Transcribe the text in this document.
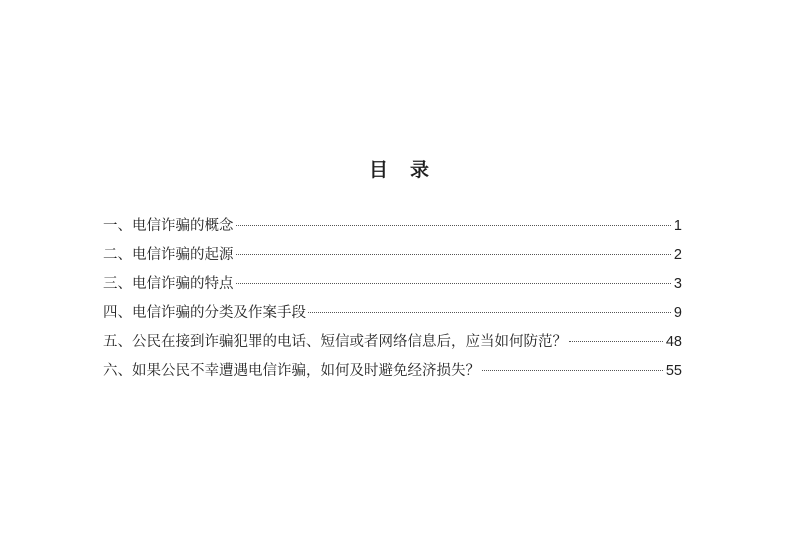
目 录
一、电信诈骗的概念	1
二、电信诈骗的起源	2
三、电信诈骗的特点	3
四、电信诈骗的分类及作案手段	9
五、公民在接到诈骗犯罪的电话、短信或者网络信息后，应当如何防范？	48
六、如果公民不幸遭遇电信诈骗，如何及时避免经济损失？	55
